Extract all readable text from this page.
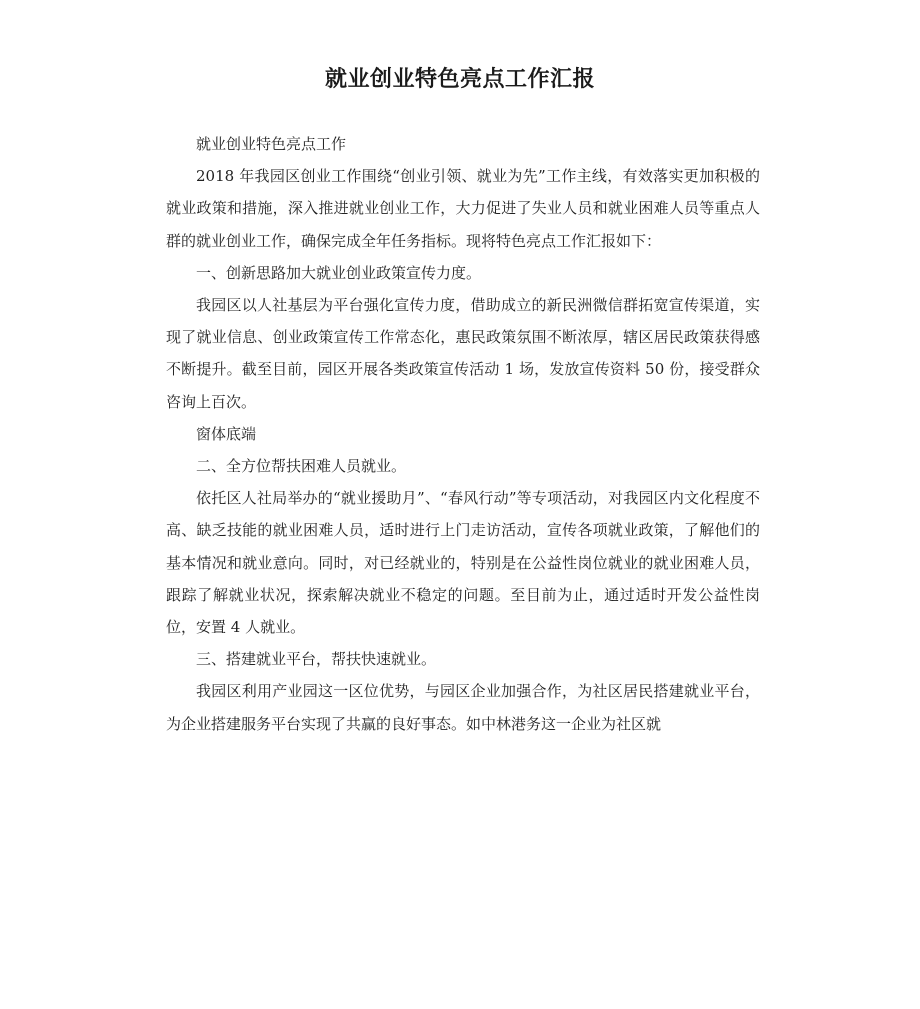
就业创业特色亮点工作汇报

就业创业特色亮点工作

2018 年我园区创业工作围绕“创业引领、就业为先”工作主线，有效落实更加积极的就业政策和措施，深入推进就业创业工作，大力促进了失业人员和就业困难人员等重点人群的就业创业工作，确保完成全年任务指标。现将特色亮点工作汇报如下：

一、创新思路加大就业创业政策宣传力度。

我园区以人社基层为平台强化宣传力度，借助成立的新民洲微信群拓宽宣传渠道，实现了就业信息、创业政策宣传工作常态化，惠民政策氛围不断浓厚，辖区居民政策获得感不断提升。截至目前，园区开展各类政策宣传活动 1 场，发放宣传资料 50 份，接受群众咨询上百次。

窗体底端

二、全方位帮扶困难人员就业。

依托区人社局举办的“就业援助月”、“春风行动”等专项活动，对我园区内文化程度不高、缺乏技能的就业困难人员，适时进行上门走访活动，宣传各项就业政策，了解他们的基本情况和就业意向。同时，对已经就业的，特别是在公益性岗位就业的就业困难人员，跟踪了解就业状况，探索解决就业不稳定的问题。至目前为止，通过适时开发公益性岗位，安置 4 人就业。

三、搭建就业平台，帮扶快速就业。

我园区利用产业园这一区位优势，与园区企业加强合作，为社区居民搭建就业平台，为企业搭建服务平台实现了共赢的良好事态。如中林港务这一企业为社区就
